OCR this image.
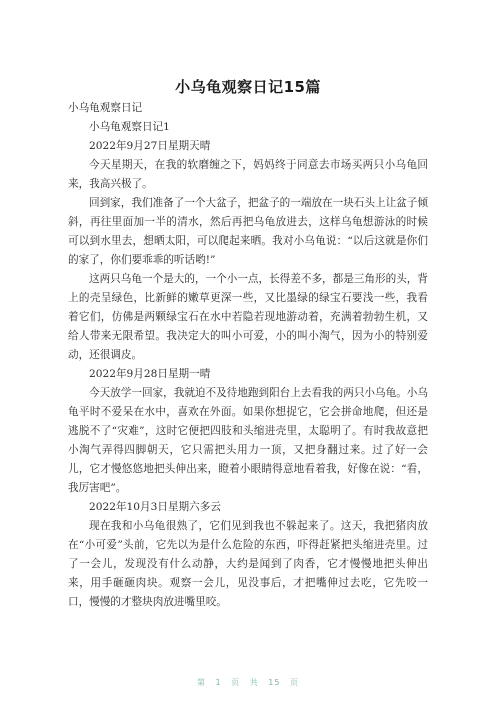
小乌龟观察日记15篇

小乌龟观察日记

小乌龟观察日记1

2022年9月27日星期天晴

今天星期天，在我的软磨缠之下，妈妈终于同意去市场买两只小乌龟回来，我高兴极了。

回到家，我们准备了一个大盆子，把盆子的一端放在一块石头上让盆子倾斜，再往里面加一半的清水，然后再把乌龟放进去，这样乌龟想游泳的时候可以到水里去，想晒太阳，可以爬起来晒。我对小乌龟说：“以后这就是你们的家了，你们要乖乖的听话哟!”

这两只乌龟一个是大的，一个小一点，长得差不多，都是三角形的头，背上的壳呈绿色，比新鲜的嫩草更深一些，又比墨绿的绿宝石要浅一些，我看着它们，仿佛是两颗绿宝石在水中若隐若现地游动着，充满着勃勃生机，又给人带来无限希望。我决定大的叫小可爱，小的叫小淘气，因为小的特别爱动，还很调皮。

2022年9月28日星期一晴

今天放学一回家，我就迫不及待地跑到阳台上去看我的两只小乌龟。小乌龟平时不爱呆在水中，喜欢在外面。如果你想捉它，它会拼命地爬，但还是逃脱不了“灾难”，这时它便把四肢和头缩进壳里，太聪明了。有时我故意把小淘气弄得四脚朝天，它只需把头用力一顶，又把身翻过来。过了好一会儿，它才慢悠悠地把头伸出来，瞪着小眼睛得意地看着我，好像在说：“看，我厉害吧”。

2022年10月3日星期六多云

现在我和小乌龟很熟了，它们见到我也不躲起来了。这天，我把猪肉放在“小可爱”头前，它先以为是什么危险的东西，吓得赶紧把头缩进壳里。过了一会儿，发现没有什么动静，大约是闻到了肉香，它才慢慢地把头伸出来，用手砸砸肉块。观察一会儿，见没事后，才把嘴伸过去吃，它先咬一口，慢慢的才整块肉放进嘴里咬。

第 1 页 共 15 页
